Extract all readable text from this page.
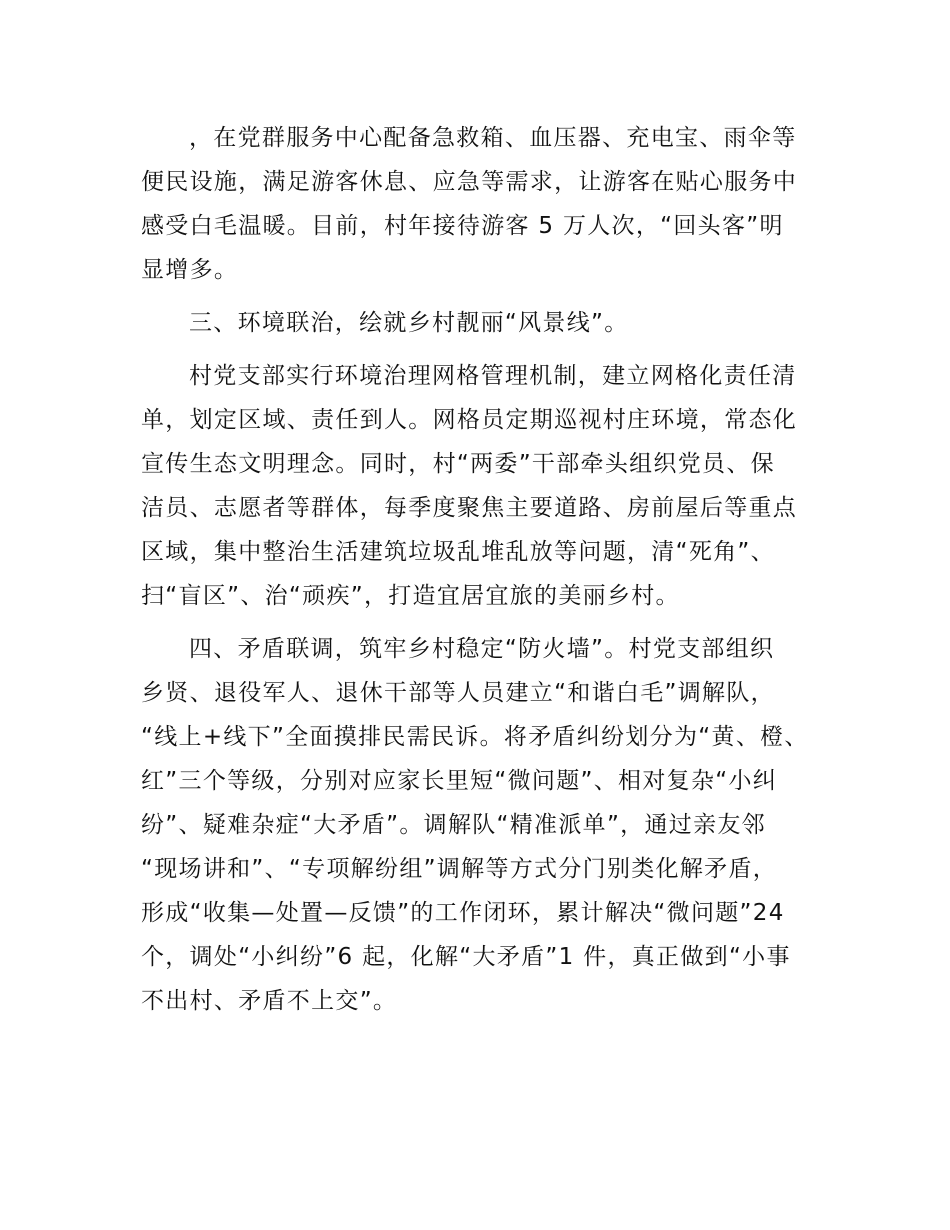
，在党群服务中心配备急救箱、血压器、充电宝、雨伞等
便民设施，满足游客休息、应急等需求，让游客在贴心服务中
感受白毛温暖。目前，村年接待游客 5 万人次，“回头客”明
显增多。
三、环境联治，绘就乡村靓丽“风景线”。
村党支部实行环境治理网格管理机制，建立网格化责任清
单，划定区域、责任到人。网格员定期巡视村庄环境，常态化
宣传生态文明理念。同时，村“两委”干部牵头组织党员、保
洁员、志愿者等群体，每季度聚焦主要道路、房前屋后等重点
区域，集中整治生活建筑垃圾乱堆乱放等问题，清“死角”、
扫“盲区”、治“顽疾”，打造宜居宜旅的美丽乡村。
四、矛盾联调，筑牢乡村稳定“防火墙”。村党支部组织
乡贤、退役军人、退休干部等人员建立“和谐白毛”调解队，
“线上+线下”全面摸排民需民诉。将矛盾纠纷划分为“黄、橙、
红”三个等级，分别对应家长里短“微问题”、相对复杂“小纠
纷”、疑难杂症“大矛盾”。调解队“精准派单”，通过亲友邻
“现场讲和”、“专项解纷组”调解等方式分门别类化解矛盾，
形成“收集—处置—反馈”的工作闭环，累计解决“微问题”24
个，调处“小纠纷”6 起，化解“大矛盾”1 件，真正做到“小事
不出村、矛盾不上交”。
